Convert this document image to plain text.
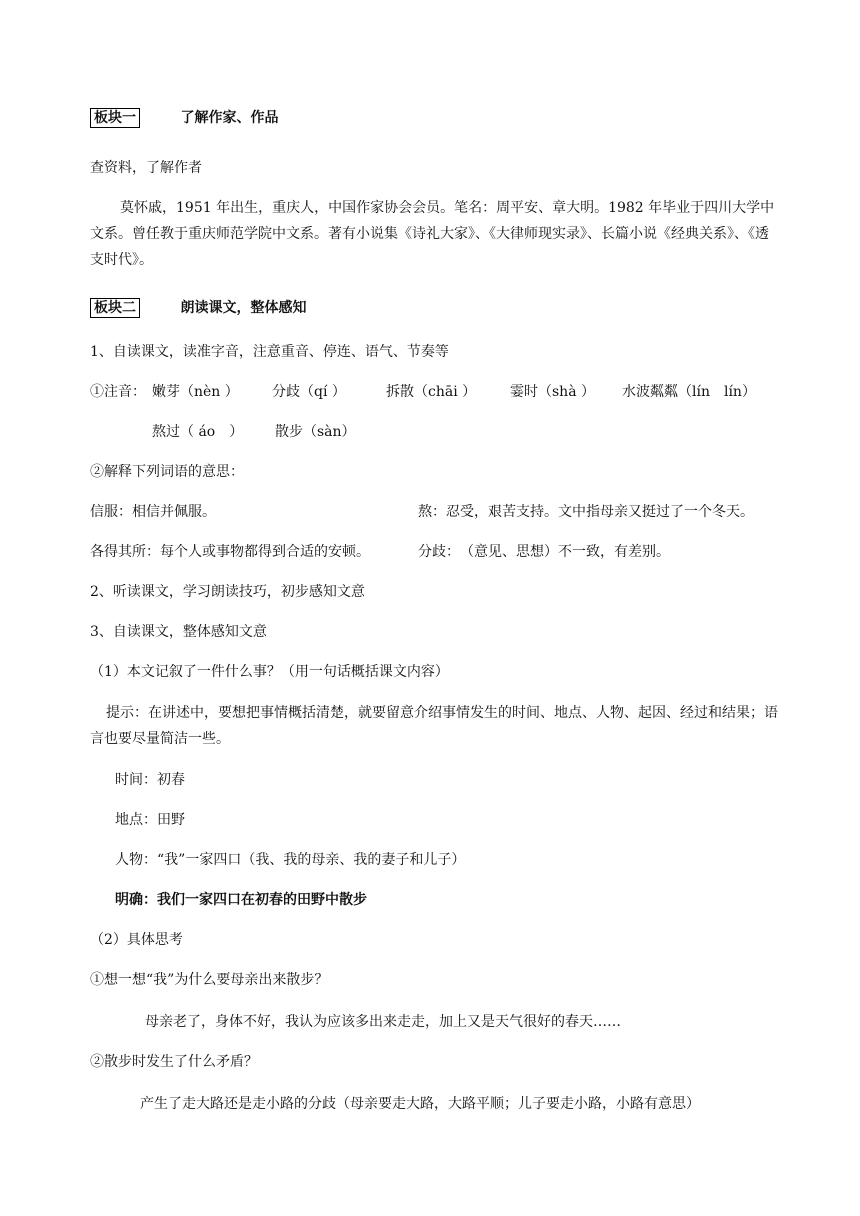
板块一	了解作家、作品
查资料，了解作者
莫怀戚，1951 年出生，重庆人，中国作家协会会员。笔名：周平安、章大明。1982 年毕业于四川大学中文系。曾任教于重庆师范学院中文系。著有小说集《诗礼大家》、《大律师现实录》、长篇小说《经典关系》、《透支时代》。
板块二	朗读课文，整体感知
1、自读课文，读准字音，注意重音、停连、语气、节奏等
①注音： 嫩芽（nèn ） 分歧（qí ）	拆散（chāi ） 霎时（shà ） 水波粼粼（lín　lín）
熬过（ áo　） 散步（sàn）
②解释下列词语的意思：
信服：相信并佩服。	熬：忍受，艰苦支持。文中指母亲又挺过了一个冬天。
各得其所：每个人或事物都得到合适的安顿。	分歧：　（意见、思想）不一致，有差别。
2、听读课文，学习朗读技巧，初步感知文意
3、自读课文，整体感知文意
（1）本文记叙了一件什么事？（用一句话概括课文内容）
提示：在讲述中，要想把事情概括清楚，就要留意介绍事情发生的时间、地点、人物、起因、经过和结果；语言也要尽量简洁一些。
时间：初春
地点：田野
人物：“我”一家四口（我、我的母亲、我的妻子和儿子）
明确：我们一家四口在初春的田野中散步
（2）具体思考
①想一想“我”为什么要母亲出来散步？
母亲老了，身体不好，我认为应该多出来走走，加上又是天气很好的春天……
②散步时发生了什么矛盾？
产生了走大路还是走小路的分歧（母亲要走大路，大路平顺；儿子要走小路，小路有意思）
